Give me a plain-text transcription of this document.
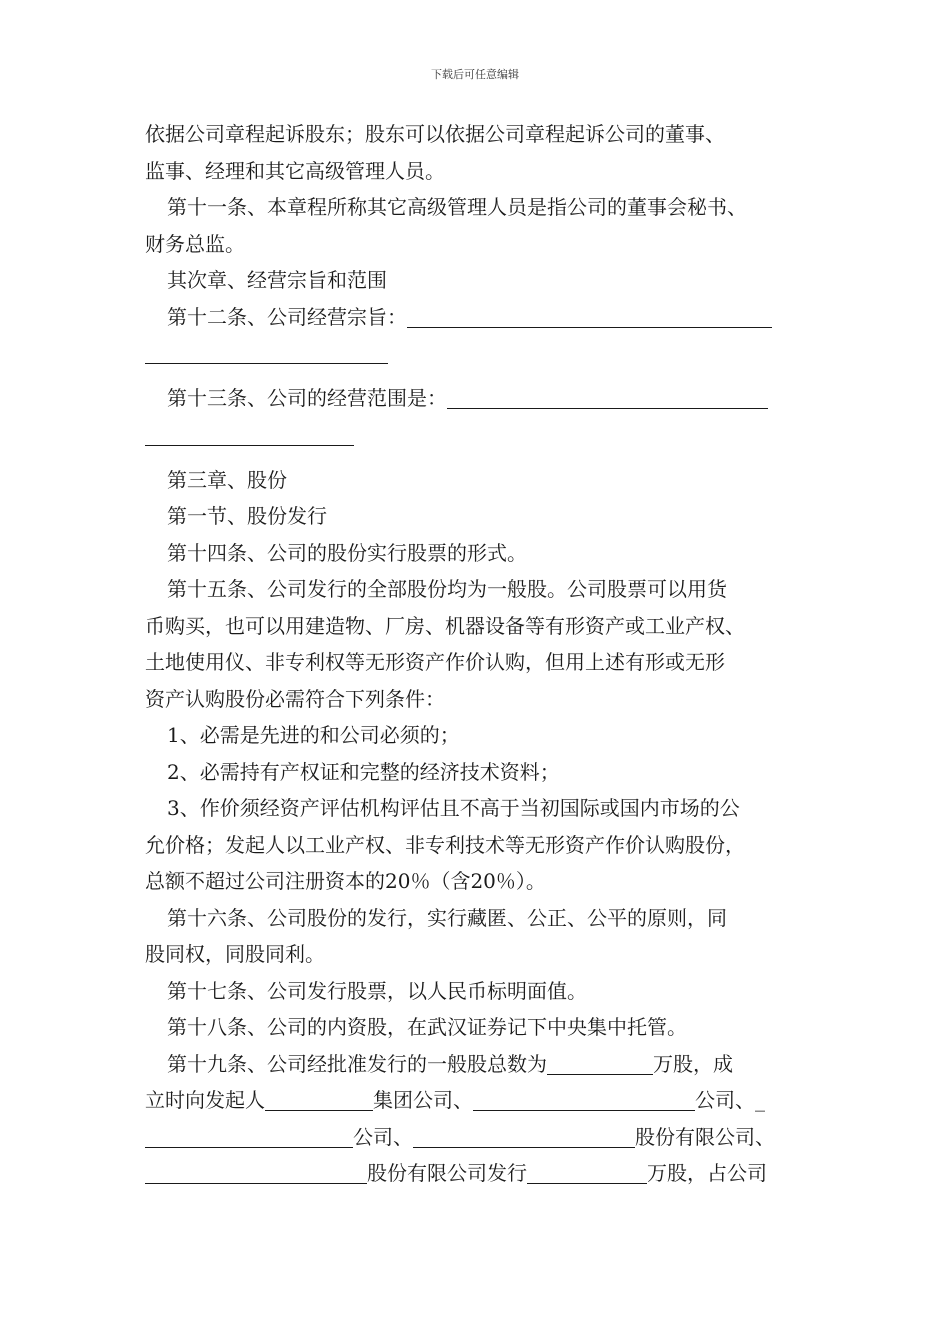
下载后可任意编辑
依据公司章程起诉股东；股东可以依据公司章程起诉公司的董事、
监事、经理和其它高级管理人员。
第十一条、本章程所称其它高级管理人员是指公司的董事会秘书、
财务总监。
其次章、经营宗旨和范围
第十二条、公司经营宗旨：
第十三条、公司的经营范围是：
第三章、股份
第一节、股份发行
第十四条、公司的股份实行股票的形式。
第十五条、公司发行的全部股份均为一般股。公司股票可以用货
币购买，也可以用建造物、厂房、机器设备等有形资产或工业产权、
土地使用仪、非专利权等无形资产作价认购，但用上述有形或无形
资产认购股份必需符合下列条件：
1、必需是先进的和公司必须的；
2、必需持有产权证和完整的经济技术资料；
3、作价须经资产评估机构评估且不高于当初国际或国内市场的公
允价格；发起人以工业产权、非专利技术等无形资产作价认购股份，
总额不超过公司注册资本的20％（含20％）。
第十六条、公司股份的发行，实行藏匿、公正、公平的原则，同
股同权，同股同利。
第十七条、公司发行股票，以人民币标明面值。
第十八条、公司的内资股，在武汉证券记下中央集中托管。
第十九条、公司经批准发行的一般股总数为	万股，成
立时向发起人	集团公司、	公司、_
公司、	股份有限公司、
股份有限公司发行	万股，占公司
